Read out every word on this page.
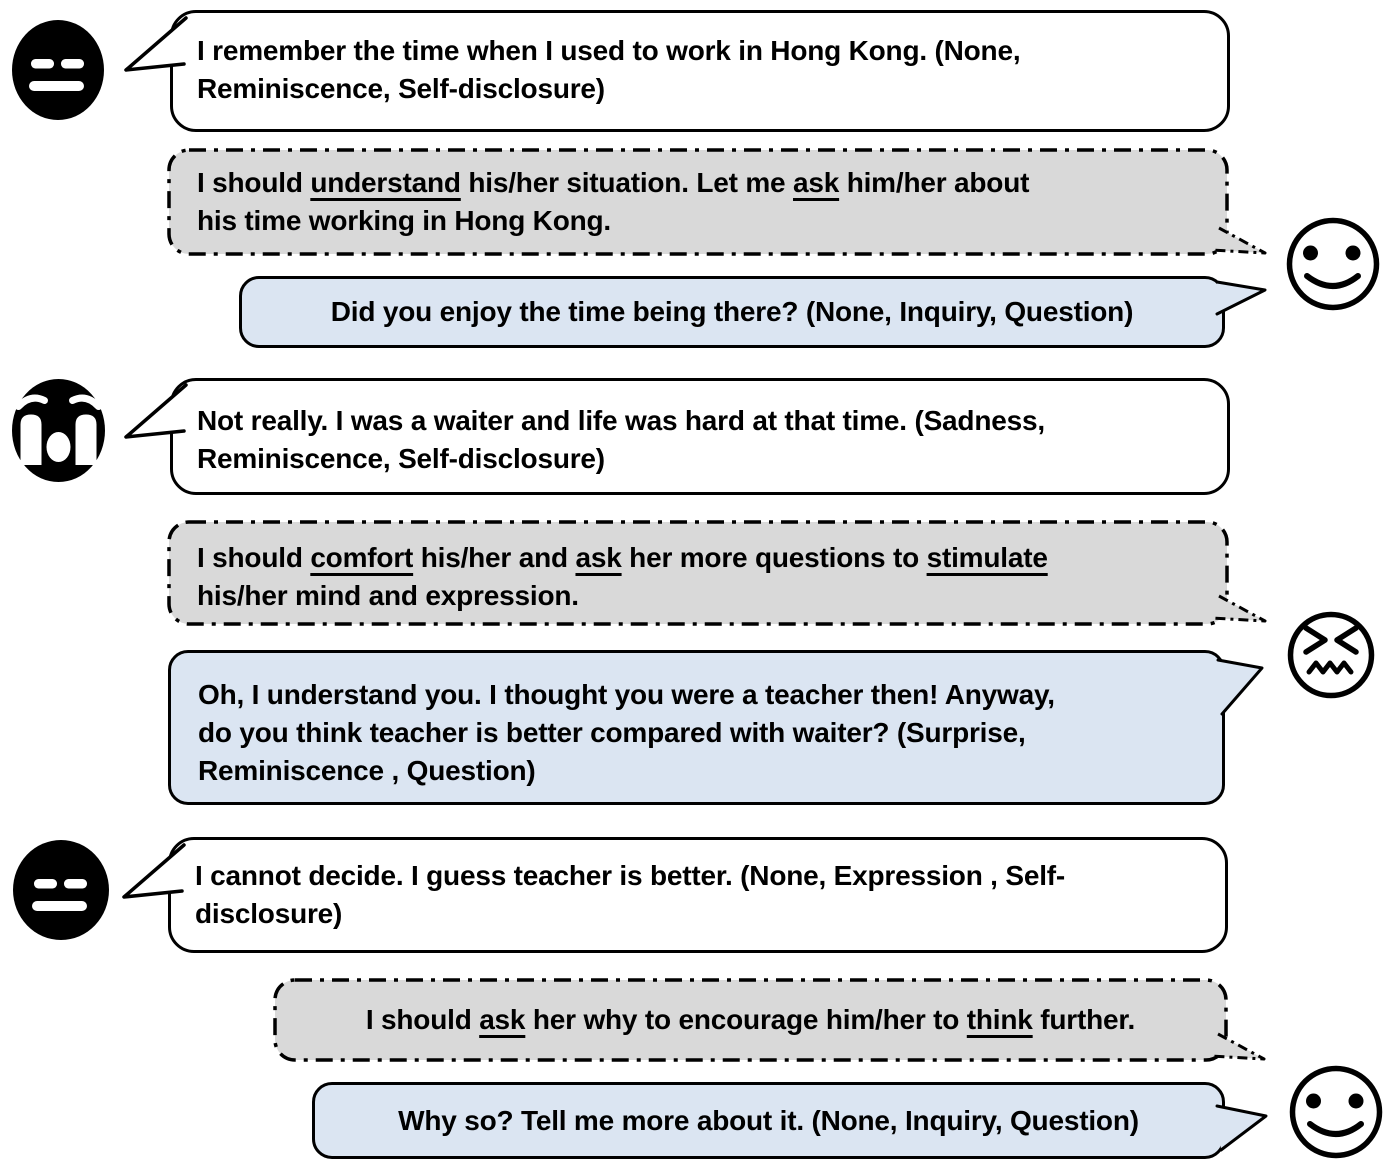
I remember the time when I used to work in Hong Kong. (None,
Reminiscence, Self-disclosure)
I should understand his/her situation. Let me ask him/her about
his time working in Hong Kong.
Did you enjoy the time being there? (None, Inquiry, Question)
Not really. I was a waiter and life was hard at that time. (Sadness,
Reminiscence, Self-disclosure)
I should comfort his/her and ask her more questions to stimulate
his/her mind and expression.
Oh, I understand you. I thought you were a teacher then! Anyway,
do you think teacher is better compared with waiter? (Surprise,
Reminiscence , Question)
I cannot decide. I guess teacher is better. (None, Expression , Self-
disclosure)
I should ask her why to encourage him/her to think further.
Why so? Tell me more about it. (None, Inquiry, Question)
